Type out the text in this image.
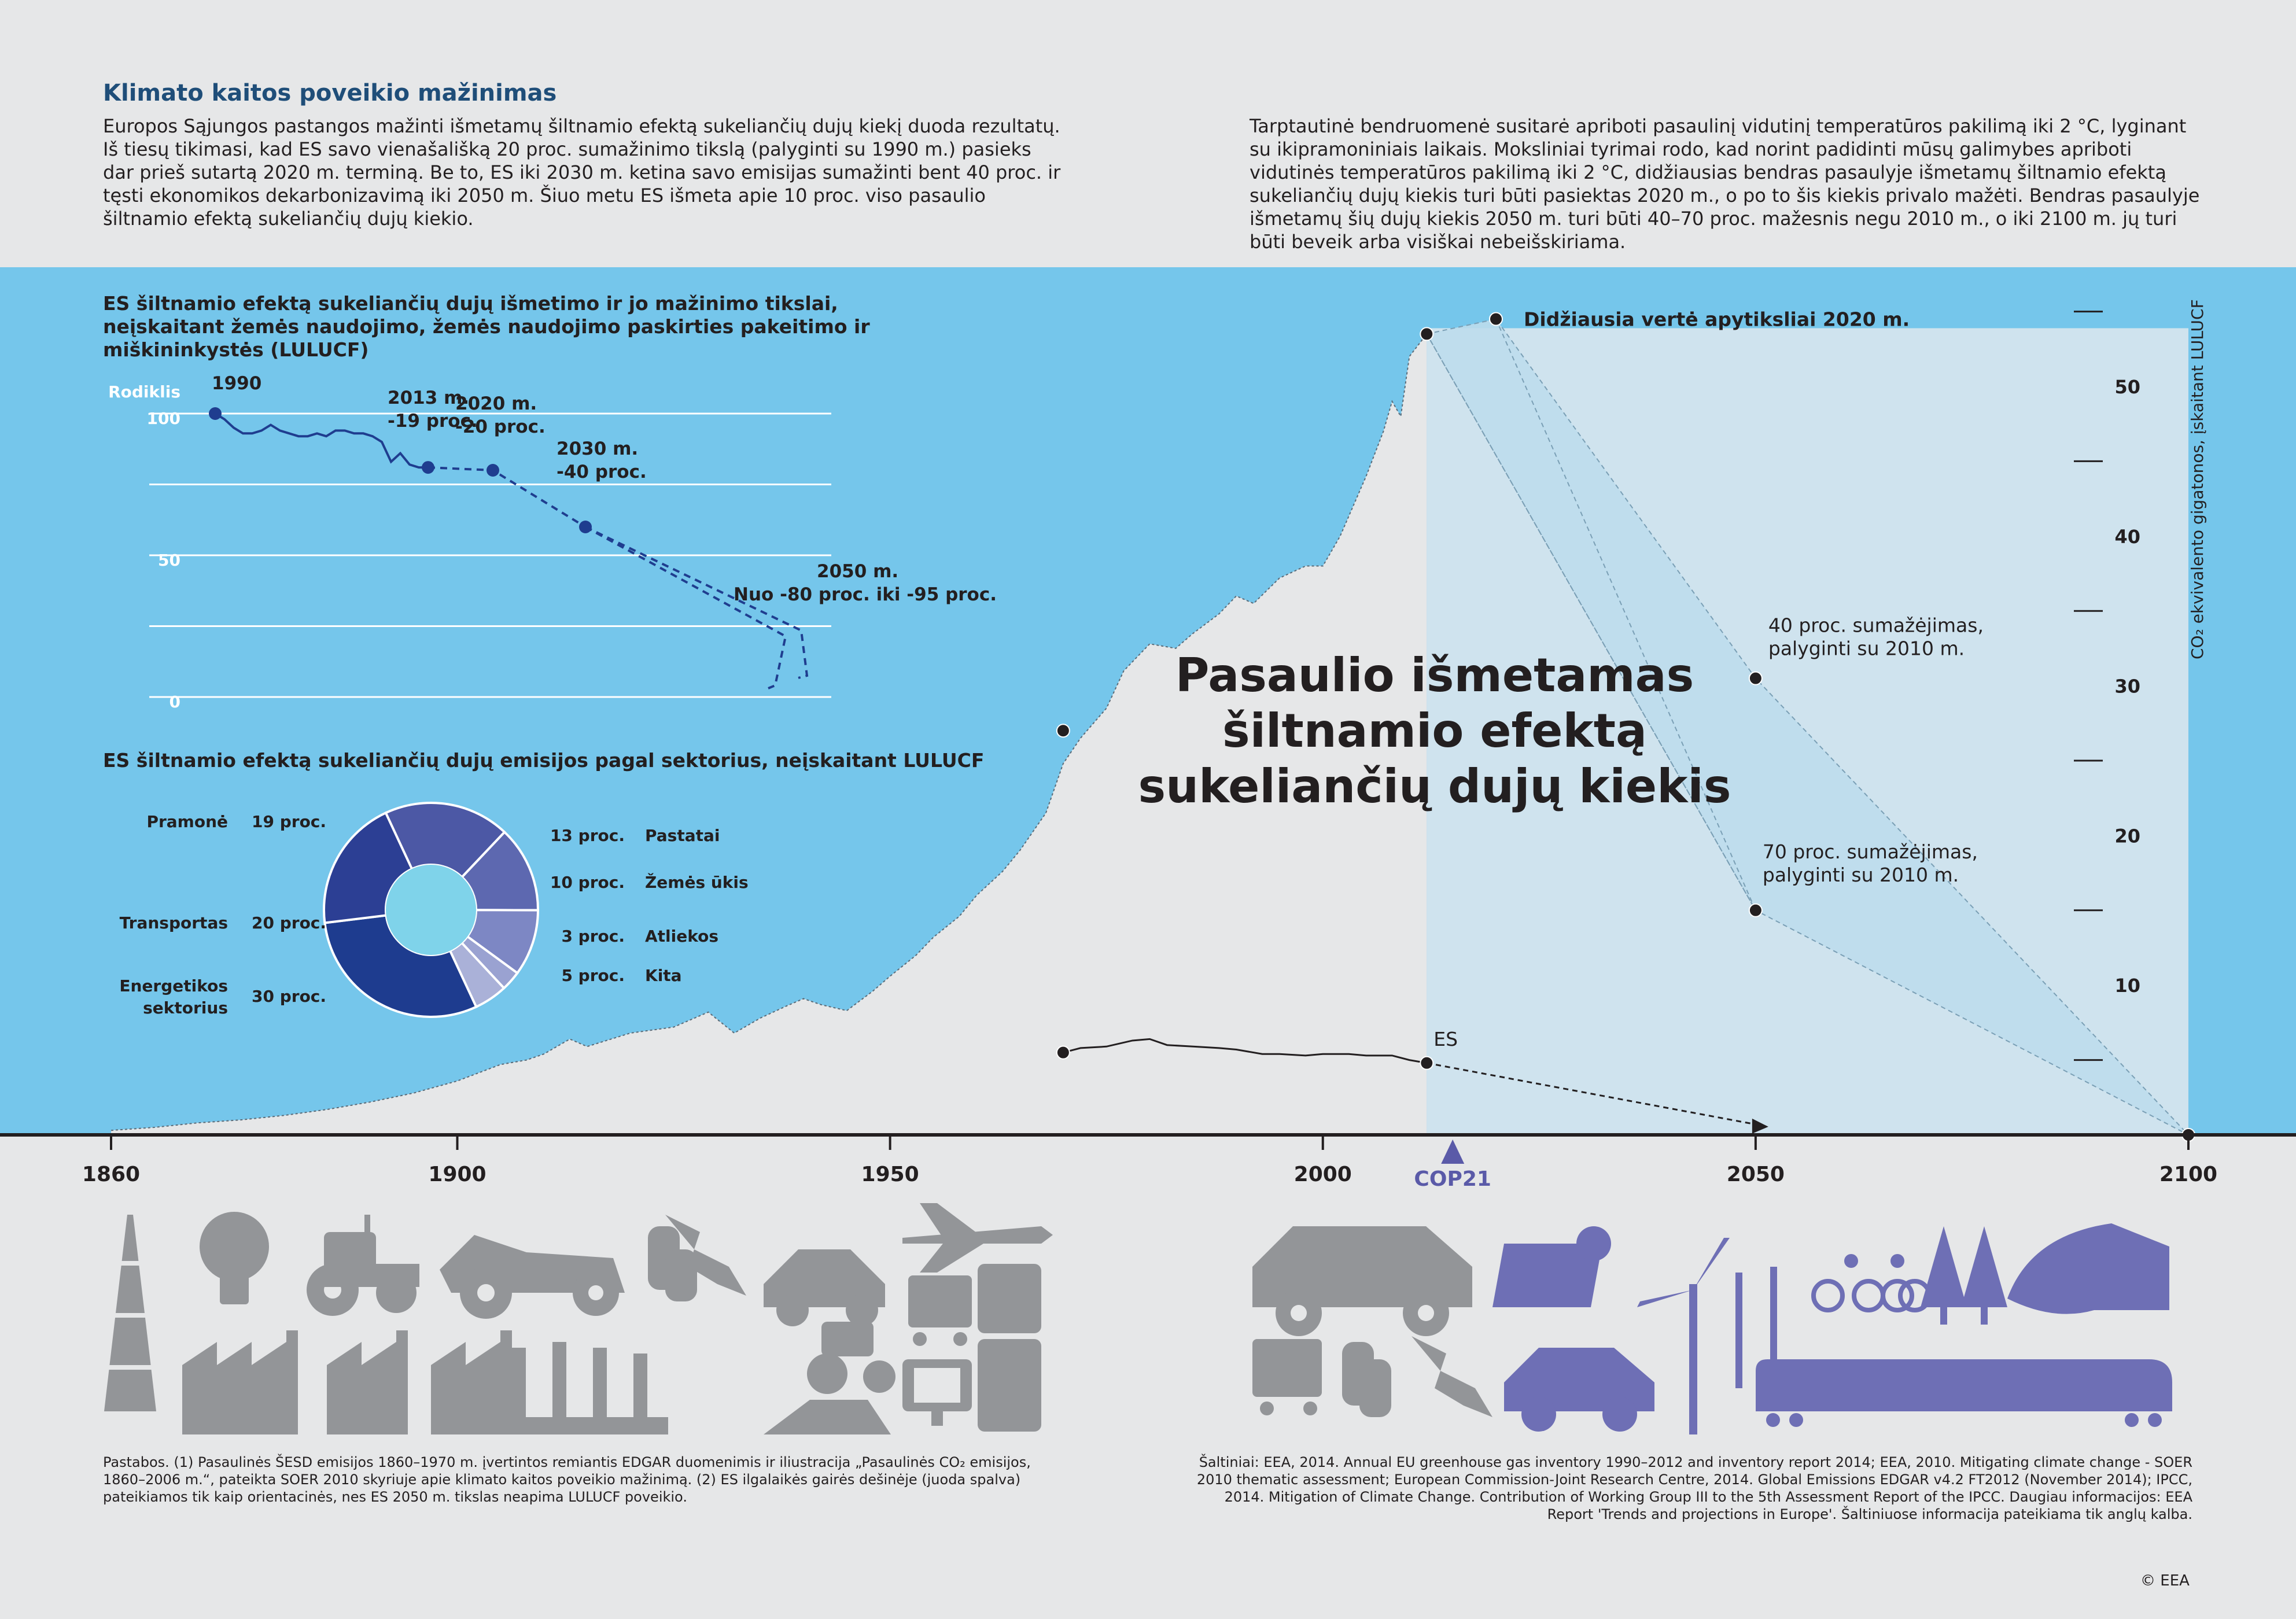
Klimato kaitos poveikio mažinimas

Europos Sąjungos pastangos mažinti išmetamų šiltnamio efektą sukeliančių dujų kiekį duoda rezultatų. Iš tiesų tikimasi, kad ES savo vienašališką 20 proc. sumažinimo tikslą (palyginti su 1990 m.) pasieks dar prieš sutartą 2020 m. terminą. Be to, ES iki 2030 m. ketina savo emisijas sumažinti bent 40 proc. ir tęsti ekonomikos dekarbonizavimą iki 2050 m. Šiuo metu ES išmeta apie 10 proc. viso pasaulio šiltnamio efektą sukeliančių dujų kiekio.

Tarptautinė bendruomenė susitarė apriboti pasaulinį vidutinį temperatūros pakilimą iki 2 °C, lyginant su ikipramoniniais laikais. Moksliniai tyrimai rodo, kad norint padidinti mūsų galimybes apriboti vidutinės temperatūros pakilimą iki 2 °C, didžiausias bendras pasaulyje išmetamų šiltnamio efektą sukeliančių dujų kiekis turi būti pasiektas 2020 m., o po to šis kiekis privalo mažėti. Bendras pasaulyje išmetamų šių dujų kiekis 2050 m. turi būti 40–70 proc. mažesnis negu 2010 m., o iki 2100 m. jų turi būti beveik arba visiškai nebeišskiriama.

Didžiausia vertė apytiksliai 2020 m.
40 proc. sumažėjimas, palyginti su 2010 m.
70 proc. sumažėjimas, palyginti su 2010 m.
ES
1860	1900	1950	2000	2050	2100
COP21
10
20
30
40
50	CO₂ ekvivalento gigatonos, įskaitant LULUCF
0
50
100
Rodiklis 1990
2013 m.
-19 proc.
2020 m.
-20 proc.
2030 m.
-40 proc.
2050 m.
Nuo -80 proc. iki -95 proc.
Pramonė 19 proc.
13 proc. Pastatai
10 proc. Žemės ūkis
3 proc. Atliekos
5 proc. Kita
Energetikos
sektorius
30 proc.
Transportas 20 proc.
ES šiltnamio efektą sukeliančių dujų išmetimo ir jo mažinimo tikslai, neįskaitant žemės naudojimo, žemės naudojimo paskirties pakeitimo ir miškininkystės (LULUCF)
ES šiltnamio efektą sukeliančių dujų emisijos pagal sektorius, neįskaitant LULUCF
Pasaulio išmetamas šiltnamio efektą sukeliančių dujų kiekis

Pastabos. (1) Pasaulinės ŠESD emisijos 1860–1970 m. įvertintos remiantis EDGAR duomenimis ir iliustracija „Pasaulinės CO₂ emisijos, 1860–2006 m.“, pateikta SOER 2010 skyriuje apie klimato kaitos poveikio mažinimą. (2) ES ilgalaikės gairės dešinėje (juoda spalva) pateikiamos tik kaip orientacinės, nes ES 2050 m. tikslas neapima LULUCF poveikio.

Šaltiniai: EEA, 2014. Annual EU greenhouse gas inventory 1990–2012 and inventory report 2014; EEA, 2010. Mitigating climate change - SOER 2010 thematic assessment; European Commission-Joint Research Centre, 2014. Global Emissions EDGAR v4.2 FT2012 (November 2014); IPCC, 2014. Mitigation of Climate Change. Contribution of Working Group III to the 5th Assessment Report of the IPCC. Daugiau informacijos: EEA Report 'Trends and projections in Europe'. Šaltiniuose informacija pateikiama tik anglų kalba.

© EEA
